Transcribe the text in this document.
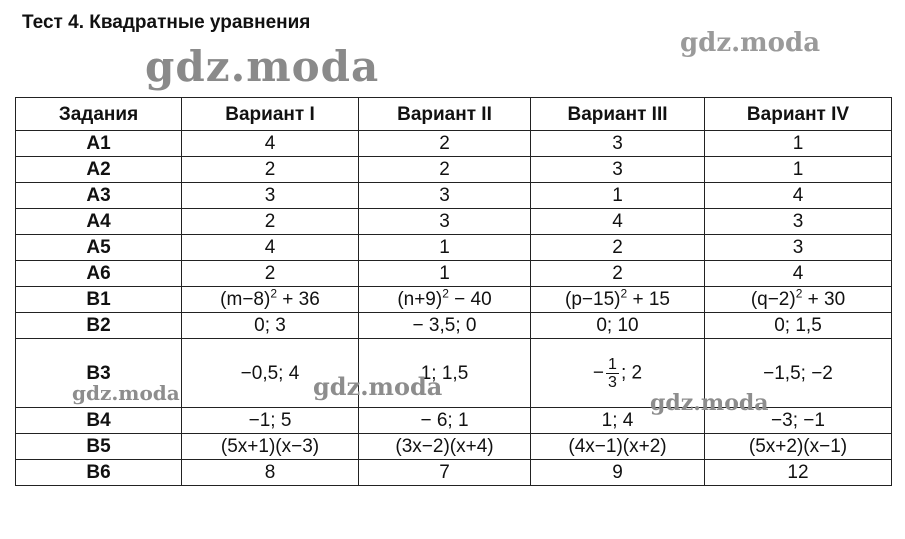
Тест 4. Квадратные уравнения
gdz.moda	gdz.moda
gdz.moda	gdz.moda
gdz.moda
Задания	Вариант I	Вариант II	Вариант III	Вариант IV
А1	4	2	3	1
А2	2	2	3	1
А3	3	3	1	4
А4	2	3	4	3
А5	4	1	2	3
А6	2	1	2	4
В1	$(m-8)^2 + 36$	$(n+9)^2 - 40$	$(p-15)^2 + 15$	$(q-2)^2 + 30$
В2	0; 3	− 3,5; 0	0; 10	0; 1,5
В3	−0,5; 4	1; 1,5	− $\frac{1}{3}$ ; 2	−1,5; −2
В4	−1; 5	− 6; 1	1; 4	−3; −1
В5	(5x+1)(x−3)	(3x−2)(x+4)	(4x−1)(x+2)	(5x+2)(x−1)
В6	8	7	9	12
